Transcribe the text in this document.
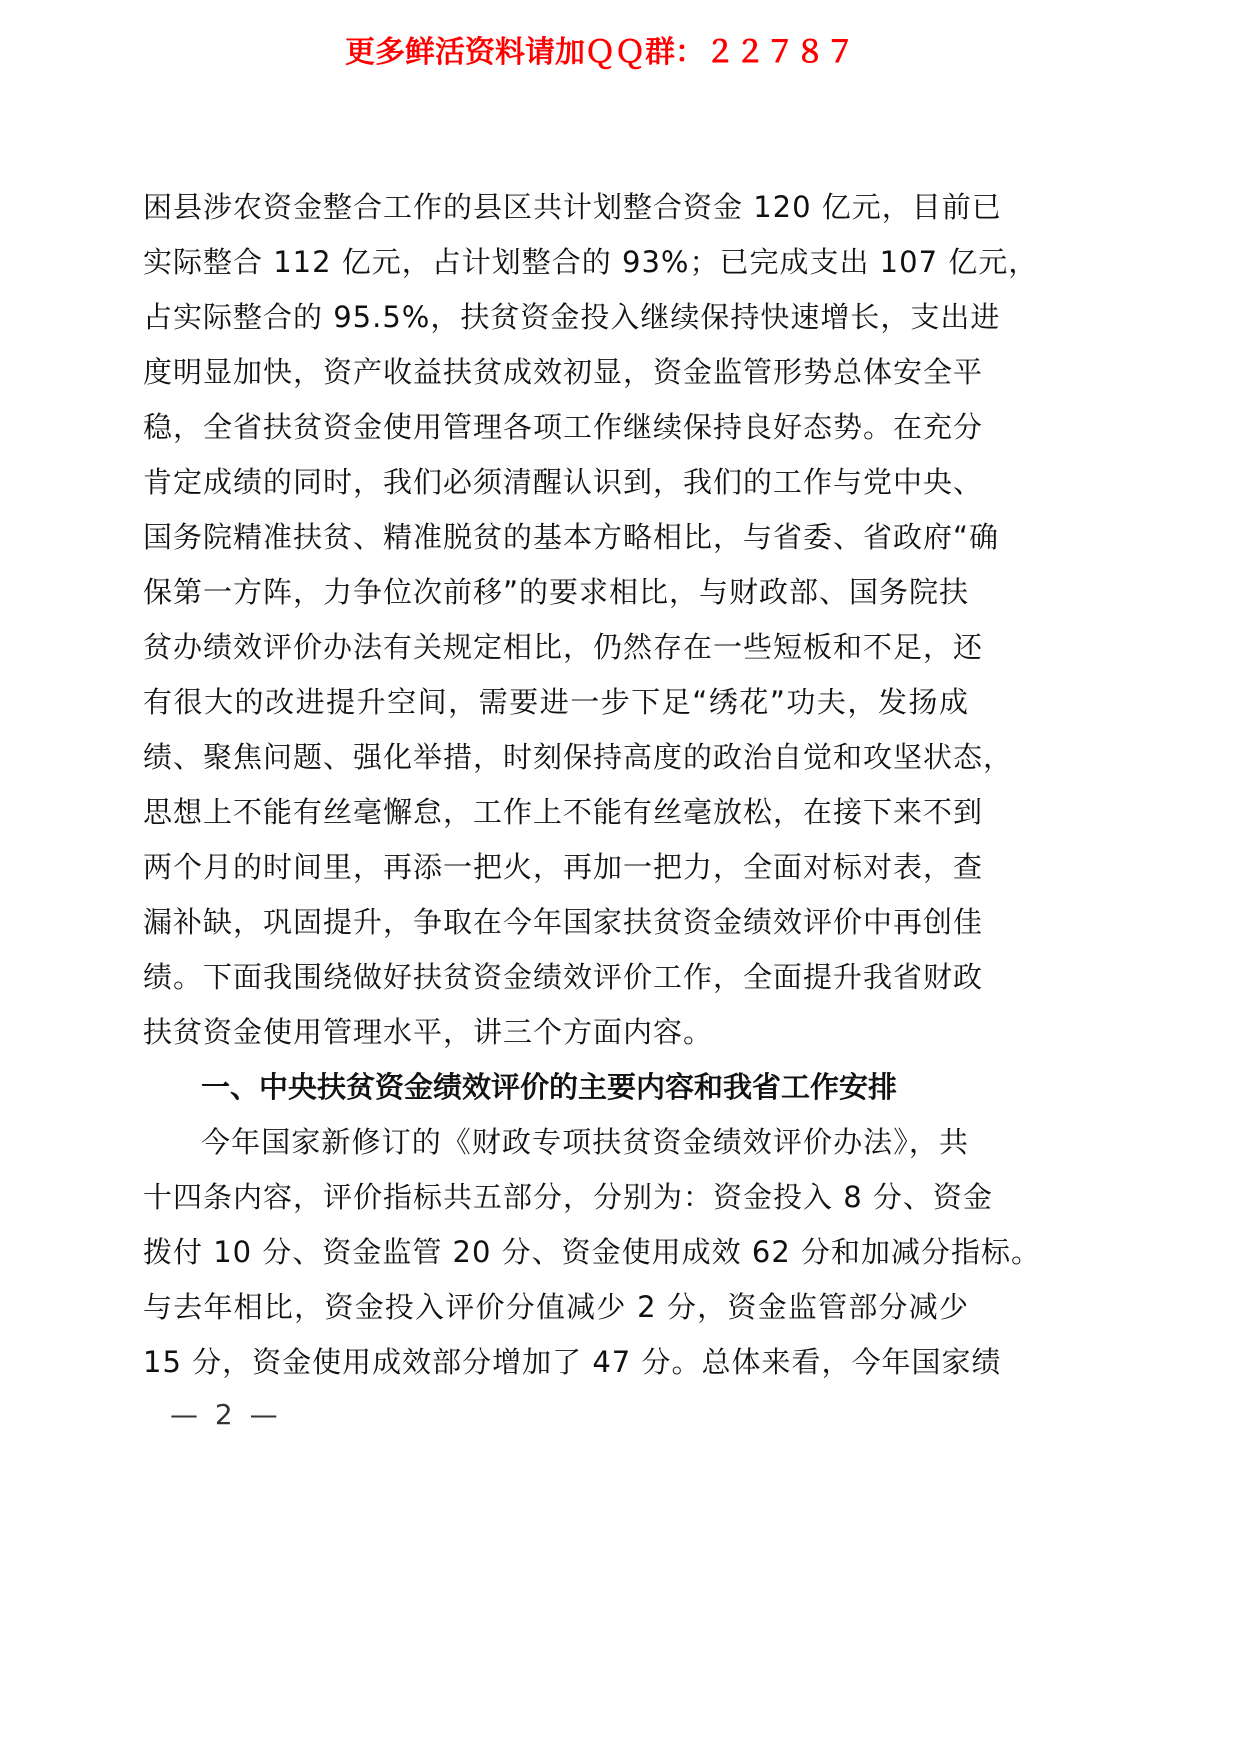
更多鲜活资料请加ＱＱ群：２２７８７
困县涉农资金整合工作的县区共计划整合资金 120 亿元，目前已
实际整合 112 亿元，占计划整合的 93%；已完成支出 107 亿元，
占实际整合的 95.5%，扶贫资金投入继续保持快速增长，支出进
度明显加快，资产收益扶贫成效初显，资金监管形势总体安全平
稳，全省扶贫资金使用管理各项工作继续保持良好态势。在充分
肯定成绩的同时，我们必须清醒认识到，我们的工作与党中央、
国务院精准扶贫、精准脱贫的基本方略相比，与省委、省政府“确
保第一方阵，力争位次前移”的要求相比，与财政部、国务院扶
贫办绩效评价办法有关规定相比，仍然存在一些短板和不足，还
有很大的改进提升空间，需要进一步下足“绣花”功夫，发扬成
绩、聚焦问题、强化举措，时刻保持高度的政治自觉和攻坚状态，
思想上不能有丝毫懈怠，工作上不能有丝毫放松，在接下来不到
两个月的时间里，再添一把火，再加一把力，全面对标对表，查
漏补缺，巩固提升，争取在今年国家扶贫资金绩效评价中再创佳
绩。下面我围绕做好扶贫资金绩效评价工作，全面提升我省财政
扶贫资金使用管理水平，讲三个方面内容。
一、中央扶贫资金绩效评价的主要内容和我省工作安排
今年国家新修订的《财政专项扶贫资金绩效评价办法》，共
十四条内容，评价指标共五部分，分别为：资金投入 8 分、资金
拨付 10 分、资金监管 20 分、资金使用成效 62 分和加减分指标。
与去年相比，资金投入评价分值减少 2 分，资金监管部分减少
15 分，资金使用成效部分增加了 47 分。总体来看，今年国家绩
— 2 —
